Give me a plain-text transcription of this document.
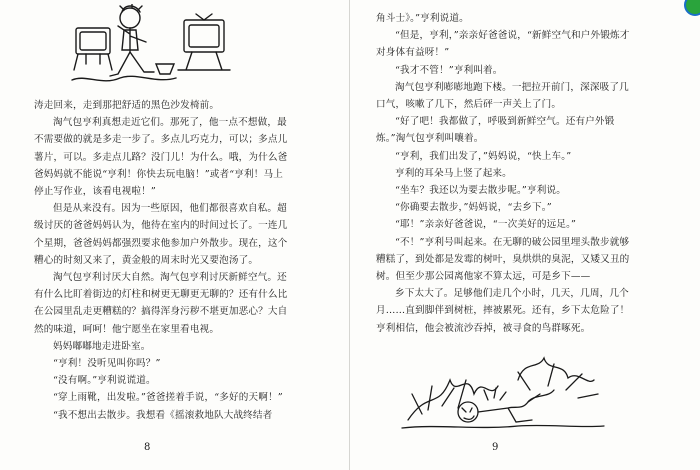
涛走回来，走到那把舒适的黑色沙发椅前。

淘气包亨利真想走近它们。那死了，他一点不想做，最不需要做的就是多走一步了。多点儿巧克力，可以；多点儿薯片，可以。多走点儿路？没门儿！为什么。哦，为什么爸爸妈妈就不能说“亨利！你快去玩电脑！”或者“亨利！马上停止写作业，该看电视啦！”

但是从来没有。因为一些原因，他们都很喜欢自私。超级讨厌的爸爸妈妈认为，他待在室内的时间过长了。一连几个星期，爸爸妈妈都强烈要求他参加户外散步。现在，这个糟心的时刻又来了，黄金般的周末时光又要泡汤了。

淘气包亨利讨厌大自然。淘气包亨利讨厌新鲜空气。还有什么比盯着街边的灯柱和树更无聊更无聊的？还有什么比在公园里乱走更糟糕的？搞得浑身污秽不堪更加恶心？大自然的味道，呵呵！他宁愿坐在家里看电视。

妈妈嘟嘟地走进卧室。

“亨利！没听见叫你吗？”

“没有啊。”亨利说谎道。

“穿上雨靴，出发啦。”爸爸搓着手说，“多好的天啊！”

“我不想出去散步。我想看《摇滚救地队大战终结者

8

角斗士》。”亨利说道。

“但是，亨利，”亲亲好爸爸说，“新鲜空气和户外锻炼才对身体有益呀！”

“我才不管！”亨利叫着。

淘气包亨利嘭嘭地跑下楼。一把拉开前门，深深吸了几口气，咳嗽了几下，然后砰一声关上了门。

“好了吧！我都做了，呼吸到新鲜空气。还有户外锻炼。”淘气包亨利叫嚷着。

“亨利，我们出发了，”妈妈说，“快上车。”

亨利的耳朵马上竖了起来。

“坐车？我还以为要去散步呢。”亨利说。

“你确要去散步，”妈妈说，“去乡下。”

“耶！”亲亲好爸爸说，“一次美好的远足。”

“不！”亨利号叫起来。在无聊的破公园里埋头散步就够糟糕了，到处都是发霉的树叶，臭烘烘的臭泥，又矮又丑的树。但至少那公园离他家不算太远，可是乡下——

乡下太大了。足够他们走几个小时，几天，几周，几个月……直到脚伴到树桩，摔被累死。还有，乡下太危险了！亨利相信，他会被流沙吞掉，被寻食的鸟群啄死。

9
